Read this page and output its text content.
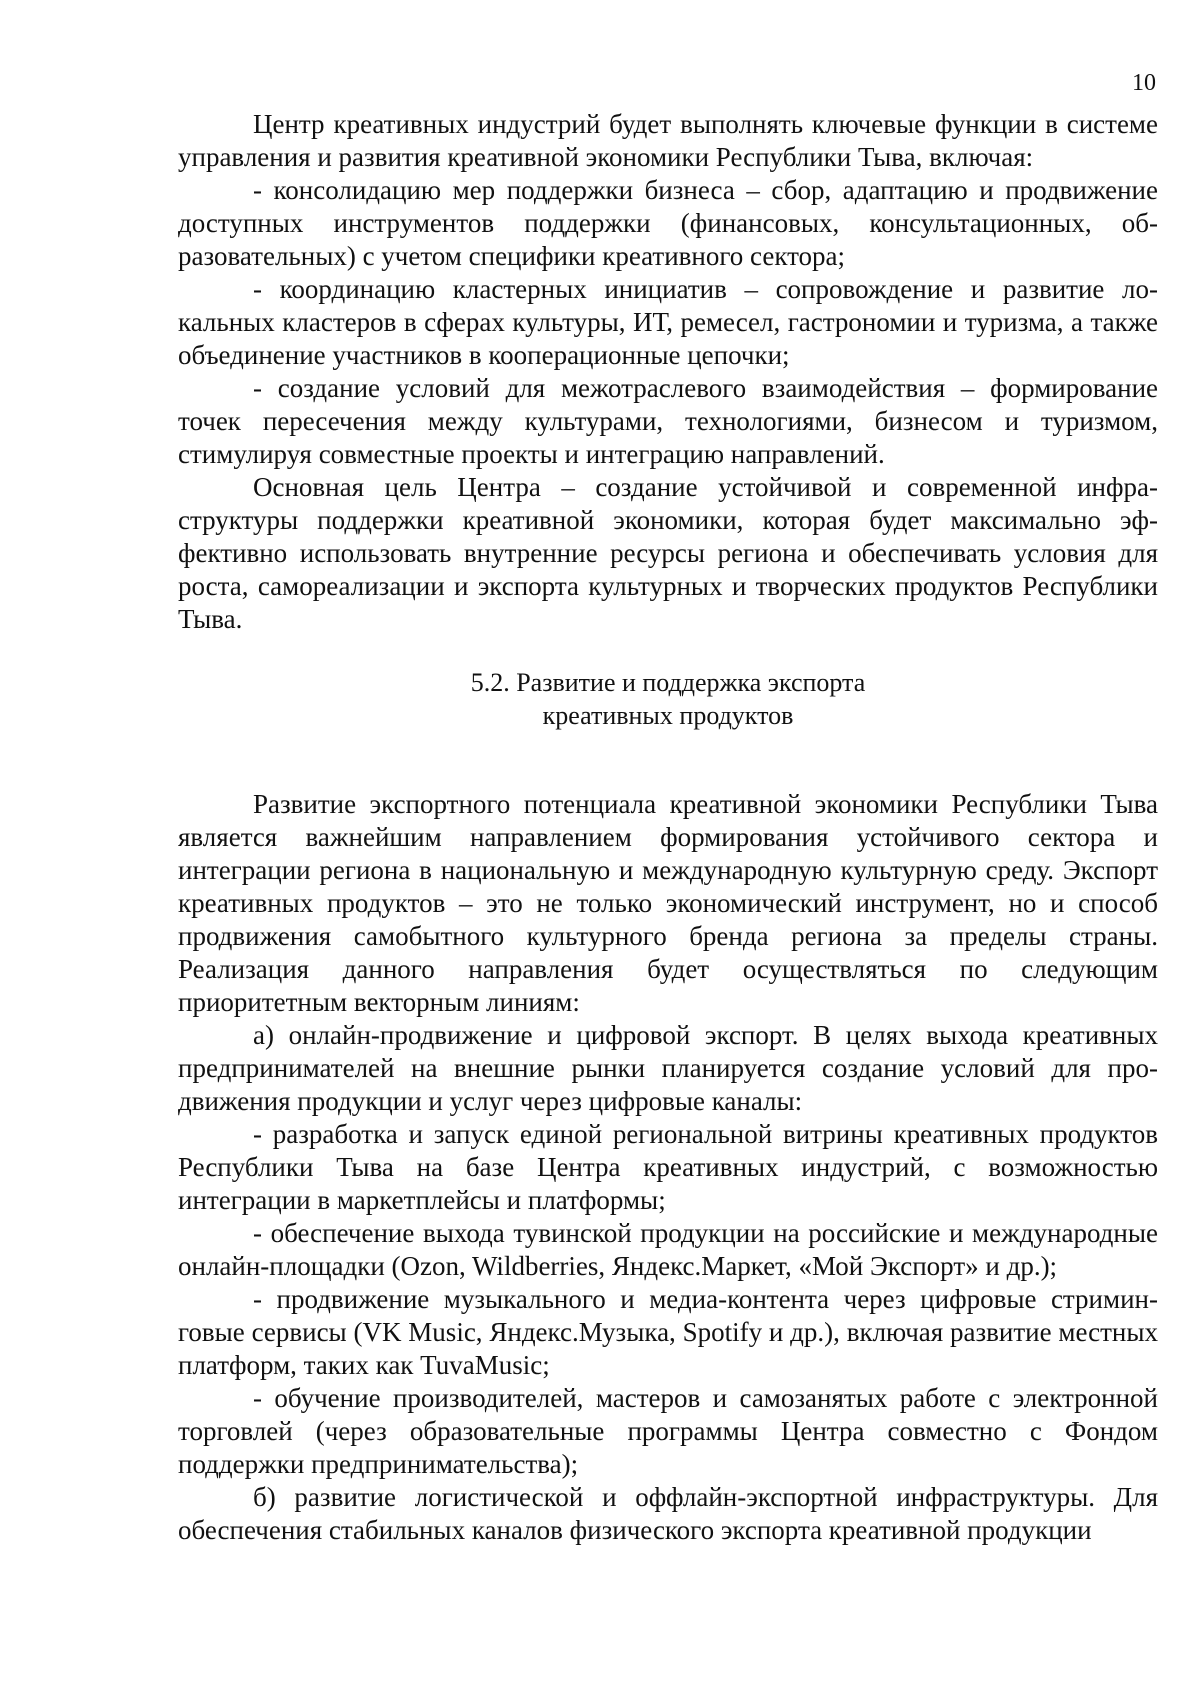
10

Центр креативных индустрий будет выполнять ключевые функции в системе управления и развития креативной экономики Республики Тыва, включая:

- консолидацию мер поддержки бизнеса – сбор, адаптацию и продвижение доступных инструментов поддержки (финансовых, консультационных, образовательных) с учетом специфики креативного сектора;

- координацию кластерных инициатив – сопровождение и развитие локальных кластеров в сферах культуры, ИТ, ремесел, гастрономии и туризма, а также объединение участников в кооперационные цепочки;

- создание условий для межотраслевого взаимодействия – формирование точек пересечения между культурами, технологиями, бизнесом и туризмом, стимулируя совместные проекты и интеграцию направлений.

Основная цель Центра – создание устойчивой и современной инфраструктуры поддержки креативной экономики, которая будет максимально эффективно использовать внутренние ресурсы региона и обеспечивать условия для роста, самореализации и экспорта культурных и творческих продуктов Республики Тыва.

5.2. Развитие и поддержка экспорта
креативных продуктов

Развитие экспортного потенциала креативной экономики Республики Тыва является важнейшим направлением формирования устойчивого сектора и интеграции региона в национальную и международную культурную среду. Экспорт креативных продуктов – это не только экономический инструмент, но и способ продвижения самобытного культурного бренда региона за пределы страны. Реализация данного направления будет осуществляться по следующим приоритетным векторным линиям:

а) онлайн-продвижение и цифровой экспорт. В целях выхода креативных предпринимателей на внешние рынки планируется создание условий для продвижения продукции и услуг через цифровые каналы:

- разработка и запуск единой региональной витрины креативных продуктов Республики Тыва на базе Центра креативных индустрий, с возможностью интеграции в маркетплейсы и платформы;

- обеспечение выхода тувинской продукции на российские и международные онлайн-площадки (Ozon, Wildberries, Яндекс.Маркет, «Мой Экспорт» и др.);

- продвижение музыкального и медиа-контента через цифровые стриминговые сервисы (VK Music, Яндекс.Музыка, Spotify и др.), включая развитие местных платформ, таких как TuvaMusic;

- обучение производителей, мастеров и самозанятых работе с электронной торговлей (через образовательные программы Центра совместно с Фондом поддержки предпринимательства);

б) развитие логистической и оффлайн-экспортной инфраструктуры. Для обеспечения стабильных каналов физического экспорта креативной продукции
